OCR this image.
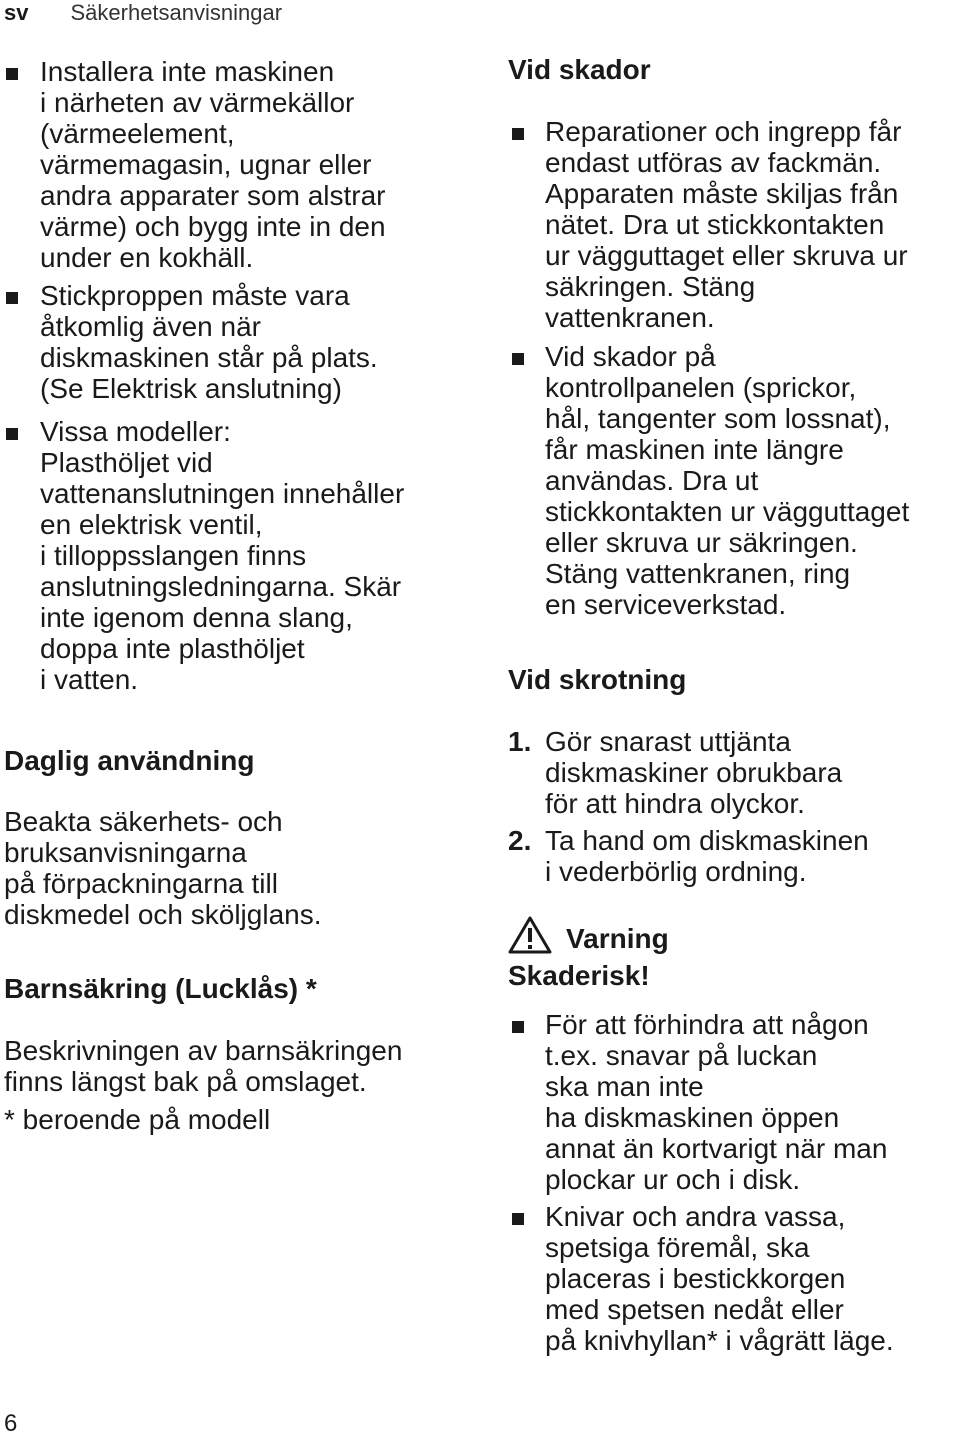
sv Säkerhetsanvisningar
Installera inte maskinen
i närheten av värmekällor
(värmeelement,
värmemagasin, ugnar eller
andra apparater som alstrar
värme) och bygg inte in den
under en kokhäll.
Stickproppen måste vara
åtkomlig även när
diskmaskinen står på plats.
(Se Elektrisk anslutning)
Vissa modeller:
Plasthöljet vid
vattenanslutningen innehåller
en elektrisk ventil,
i tilloppsslangen finns
anslutningsledningarna. Skär
inte igenom denna slang,
doppa inte plasthöljet
i vatten.
Daglig användning
Beakta säkerhets- och
bruksanvisningarna
på förpackningarna till
diskmedel och sköljglans.
Barnsäkring (Lucklås) *
Beskrivningen av barnsäkringen
finns längst bak på omslaget.
* beroende på modell
Vid skador
Reparationer och ingrepp får
endast utföras av fackmän.
Apparaten måste skiljas från
nätet. Dra ut stickkontakten
ur vägguttaget eller skruva ur
säkringen. Stäng
vattenkranen.
Vid skador på
kontrollpanelen (sprickor,
hål, tangenter som lossnat),
får maskinen inte längre
användas. Dra ut
stickkontakten ur vägguttaget
eller skruva ur säkringen.
Stäng vattenkranen, ring
en serviceverkstad.
Vid skrotning
1. Gör snarast uttjänta
diskmaskiner obrukbara
för att hindra olyckor.
2. Ta hand om diskmaskinen
i vederbörlig ordning.
Varning
Skaderisk!
För att förhindra att någon
t.ex. snavar på luckan
ska man inte
ha diskmaskinen öppen
annat än kortvarigt när man
plockar ur och i disk.
Knivar och andra vassa,
spetsiga föremål, ska
placeras i bestickkorgen
med spetsen nedåt eller
på knivhyllan* i vågrätt läge.
6
